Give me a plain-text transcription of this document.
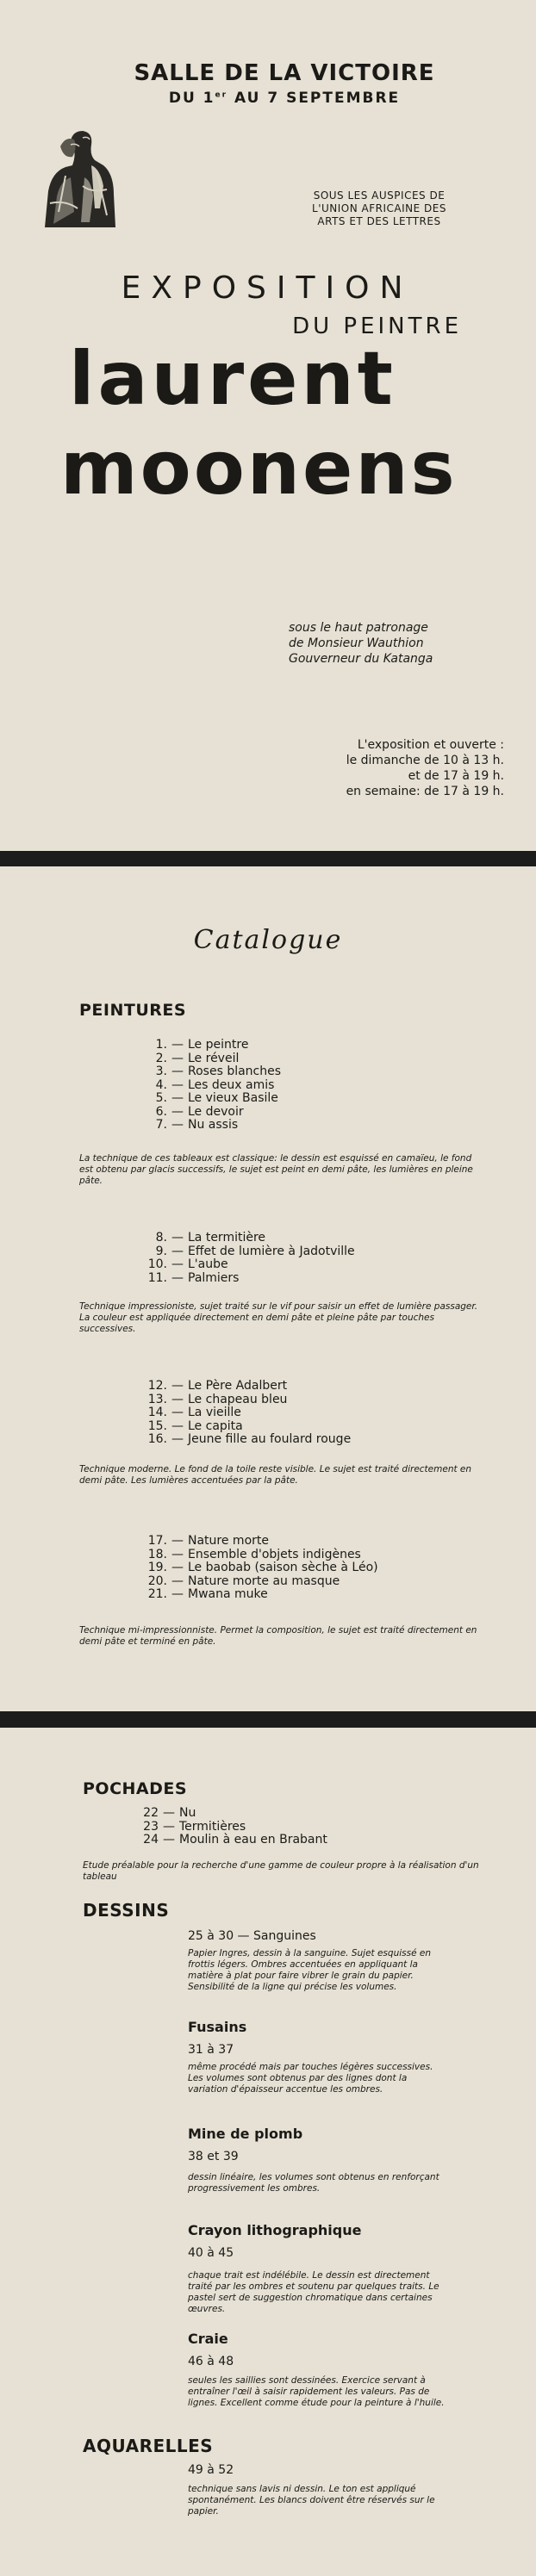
SALLE DE LA VICTOIRE
DU 1er AU 7 SEPTEMBRE
SOUS LES AUSPICES DE
L'UNION AFRICAINE DES
ARTS ET DES LETTRES
EXPOSITION
DU PEINTRE
laurent
moonens
sous le haut patronage
de Monsieur Wauthion
Gouverneur du Katanga
L'exposition et ouverte :
le dimanche de 10 à 13 h.
et de 17 à 19 h.
en semaine: de 17 à 19 h.
Catalogue
PEINTURES
1. — Le peintre
2. — Le réveil
3. — Roses blanches
4. — Les deux amis
5. — Le vieux Basile
6. — Le devoir
7. — Nu assis
La technique de ces tableaux est classique: le dessin est esquissé en camaïeu, le fond est obtenu par glacis successifs, le sujet est peint en demi pâte, les lumières en pleine pâte.
8. — La termitière
9. — Effet de lumière à Jadotville
10. — L'aube
11. — Palmiers
Technique impressioniste, sujet traité sur le vif pour saisir un effet de lumière passager. La couleur est appliquée directement en demi pâte et pleine pâte par touches successives.
12. — Le Père Adalbert
13. — Le chapeau bleu
14. — La vieille
15. — Le capita
16. — Jeune fille au foulard rouge
Technique moderne. Le fond de la toile reste visible. Le sujet est traité directement en demi pâte. Les lumières accentuées par la pâte.
17. — Nature morte
18. — Ensemble d'objets indigènes
19. — Le baobab (saison sèche à Léo)
20. — Nature morte au masque
21. — Mwana muke
Technique mi-impressionniste. Permet la composition, le sujet est traité directement en demi pâte et terminé en pâte.
POCHADES
22 — Nu
23 — Termitières
24 — Moulin à eau en Brabant
Etude préalable pour la recherche d'une gamme de couleur propre à la réalisation d'un tableau
DESSINS
25 à 30 — Sanguines
Papier Ingres, dessin à la sanguine. Sujet esquissé en frottis légers. Ombres accentuées en appliquant la matière à plat pour faire vibrer le grain du papier. Sensibilité de la ligne qui précise les volumes.
Fusains
31 à 37
même procédé mais par touches légères successives. Les volumes sont obtenus par des lignes dont la variation d'épaisseur accentue les ombres.
Mine de plomb
38 et 39
dessin linéaire, les volumes sont obtenus en renforçant progressivement les ombres.
Crayon lithographique
40 à 45
chaque trait est indélébile. Le dessin est directement traité par les ombres et soutenu par quelques traits. Le pastel sert de suggestion chromatique dans certaines œuvres.
Craie
46 à 48
seules les saillies sont dessinées. Exercice servant à entraîner l'œil à saisir rapidement les valeurs. Pas de lignes. Excellent comme étude pour la peinture à l'huile.
AQUARELLES
49 à 52
technique sans lavis ni dessin. Le ton est appliqué spontanément. Les blancs doivent être réservés sur le papier.
